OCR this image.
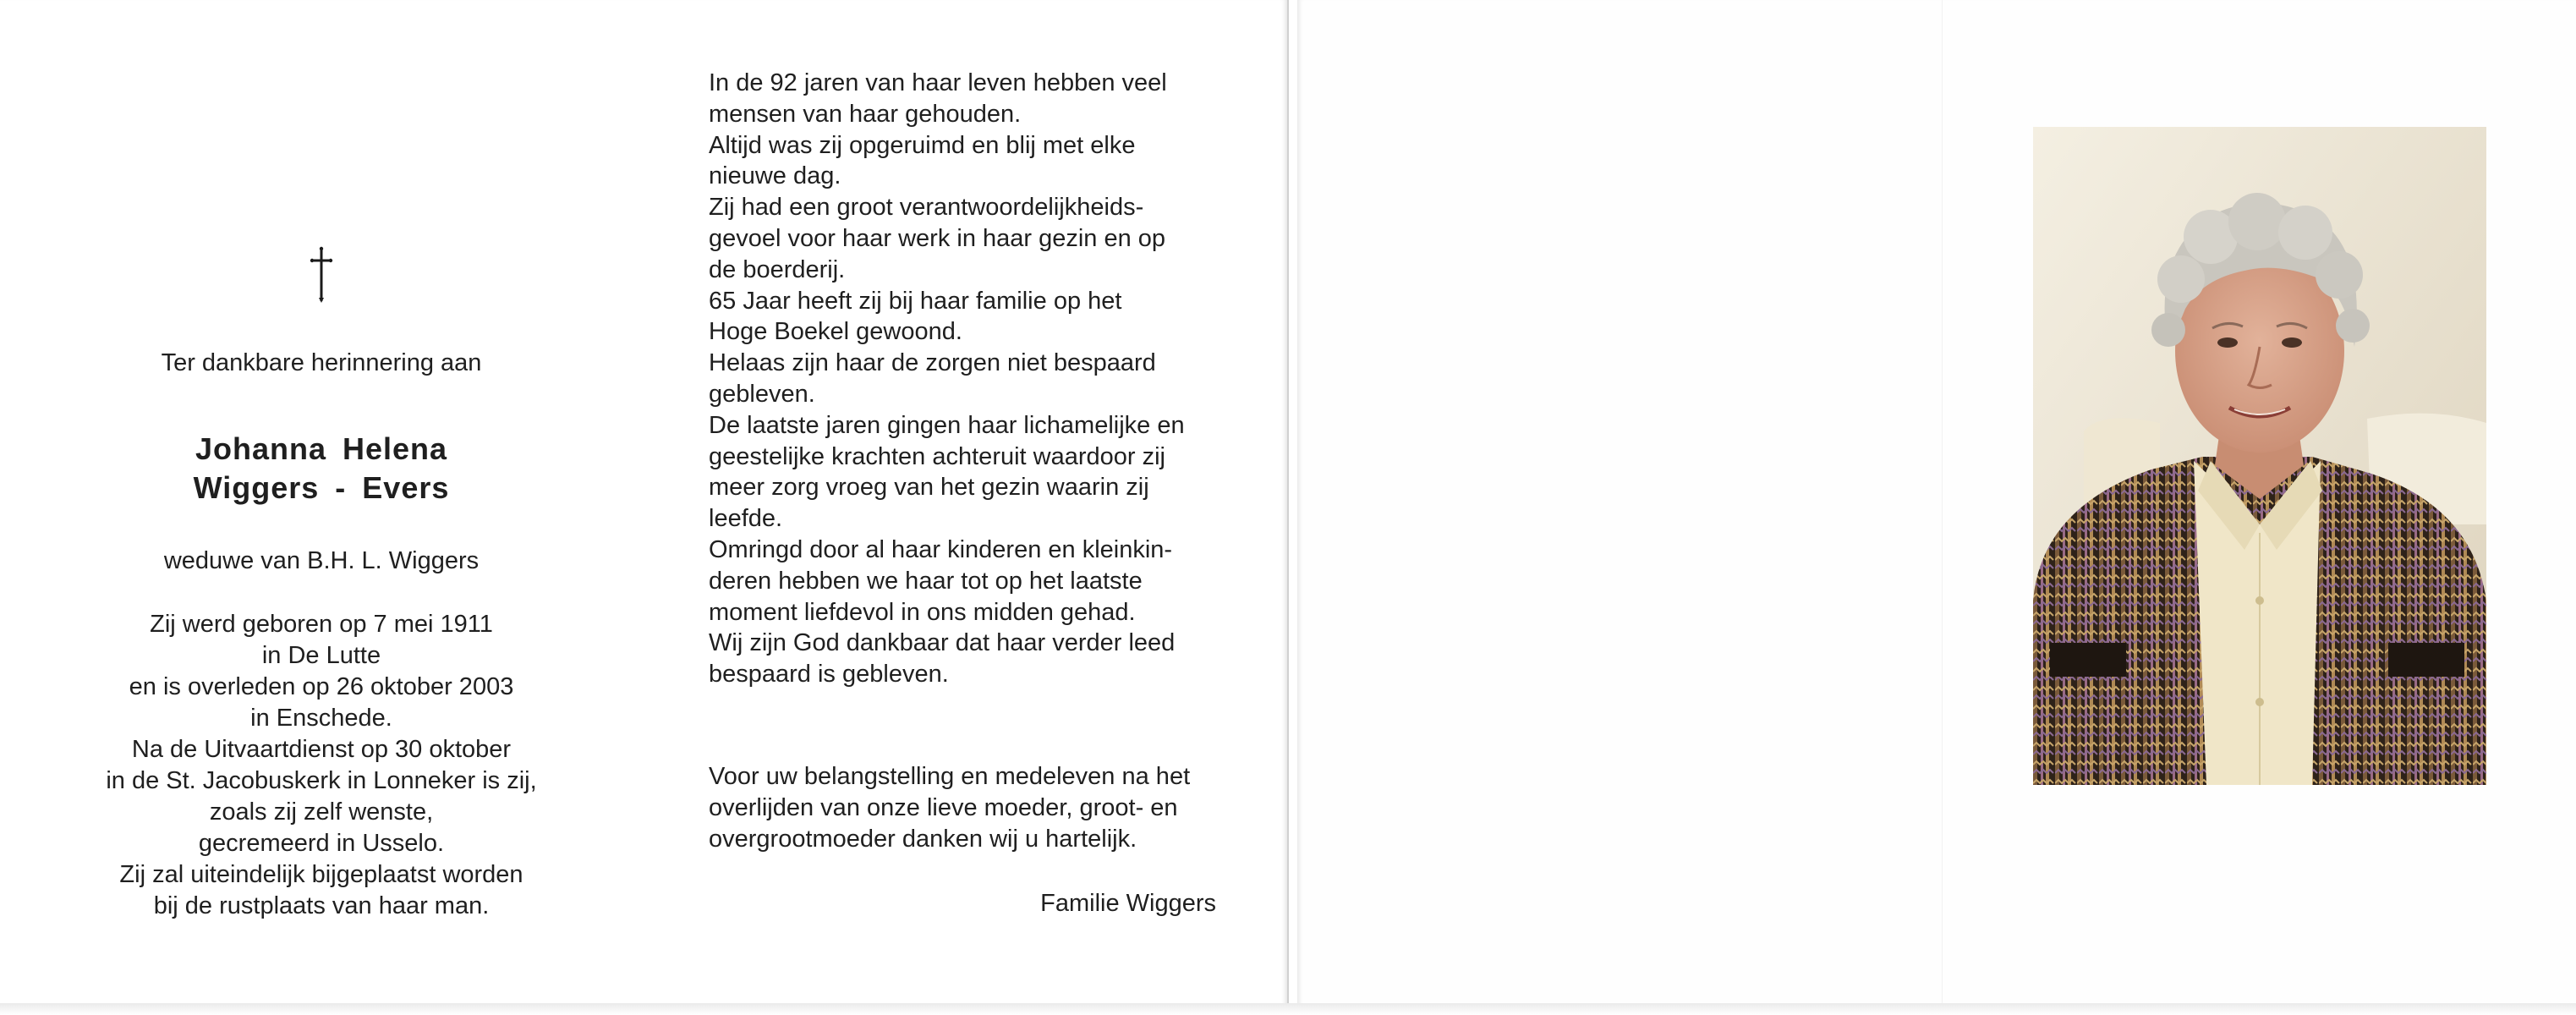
Ter dankbare herinnering aan
Johanna Helena
Wiggers - Evers
weduwe van B.H. L. Wiggers
Zij werd geboren op 7 mei 1911
in De Lutte
en is overleden op 26 oktober 2003
in Enschede.
Na de Uitvaartdienst op 30 oktober
in de St. Jacobuskerk in Lonneker is zij,
zoals zij zelf wenste,
gecremeerd in Usselo.
Zij zal uiteindelijk bijgeplaatst worden
bij de rustplaats van haar man.
In de 92 jaren van haar leven hebben veel
mensen van haar gehouden.
Altijd was zij opgeruimd en blij met elke
nieuwe dag.
Zij had een groot verantwoordelijkheids-
gevoel voor haar werk in haar gezin en op
de boerderij.
65 Jaar heeft zij bij haar familie op het
Hoge Boekel gewoond.
Helaas zijn haar de zorgen niet bespaard
gebleven.
De laatste jaren gingen haar lichamelijke en
geestelijke krachten achteruit waardoor zij
meer zorg vroeg van het gezin waarin zij
leefde.
Omringd door al haar kinderen en kleinkin-
deren hebben we haar tot op het laatste
moment liefdevol in ons midden gehad.
Wij zijn God dankbaar dat haar verder leed
bespaard is gebleven.
Voor uw belangstelling en medeleven na het
overlijden van onze lieve moeder, groot- en
overgrootmoeder danken wij u hartelijk.
Familie Wiggers
